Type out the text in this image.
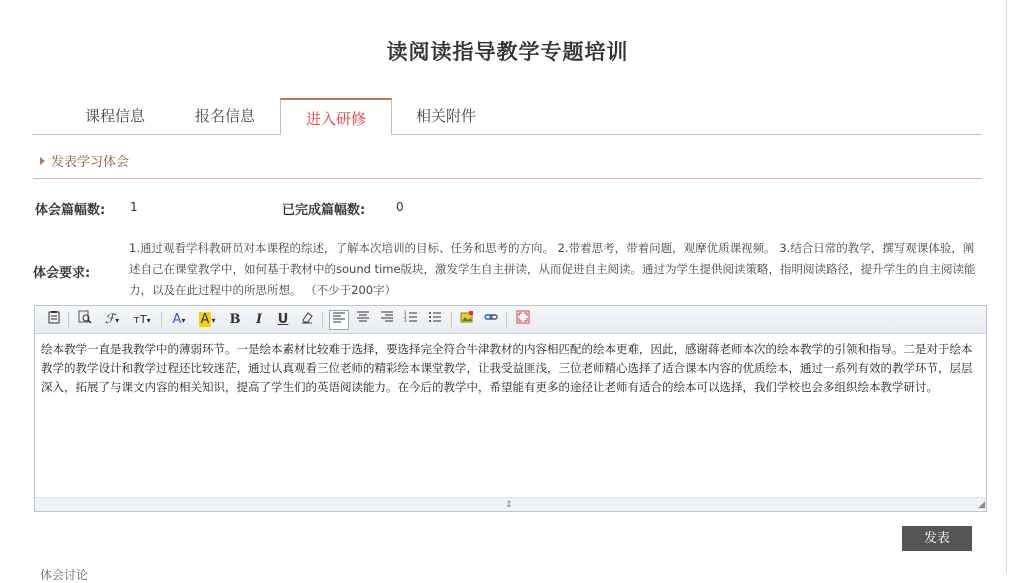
读阅读指导教学专题培训
课程信息	报名信息	进入研修	相关附件
发表学习体会
体会篇幅数: 1	已完成篇幅数:	0
体会要求:
1.通过观看学科教研员对本课程的综述，了解本次培训的目标、任务和思考的方向。 2.带着思考，带着问题，观摩优质课视频。 3.结合日常的教学，撰写观课体验，阐述自己在课堂教学中，如何基于教材中的sound time版块，激发学生自主拼读，从而促进自主阅读。通过为学生提供阅读策略，指明阅读路径，提升学生的自主阅读能力，以及在此过程中的所思所想。 （不少于200字）
ℱ▾	тT▾	A▾	A ▾	B	I	U	1
2
3
绘本教学一直是我教学中的薄弱环节。一是绘本素材比较难于选择，要选择完全符合牛津教材的内容相匹配的绘本更难，因此，感谢蒋老师本次的绘本教学的引领和指导。二是对于绘本教学的教学设计和教学过程还比较迷茫，通过认真观看三位老师的精彩绘本课堂教学，让我受益匪浅，三位老师精心选择了适合课本内容的优质绘本，通过一系列有效的教学环节，层层深入，拓展了与课文内容的相关知识，提高了学生们的英语阅读能力。在今后的教学中，希望能有更多的途径让老师有适合的绘本可以选择，我们学校也会多组织绘本教学研讨。
⇕	◢
发表
体会讨论
